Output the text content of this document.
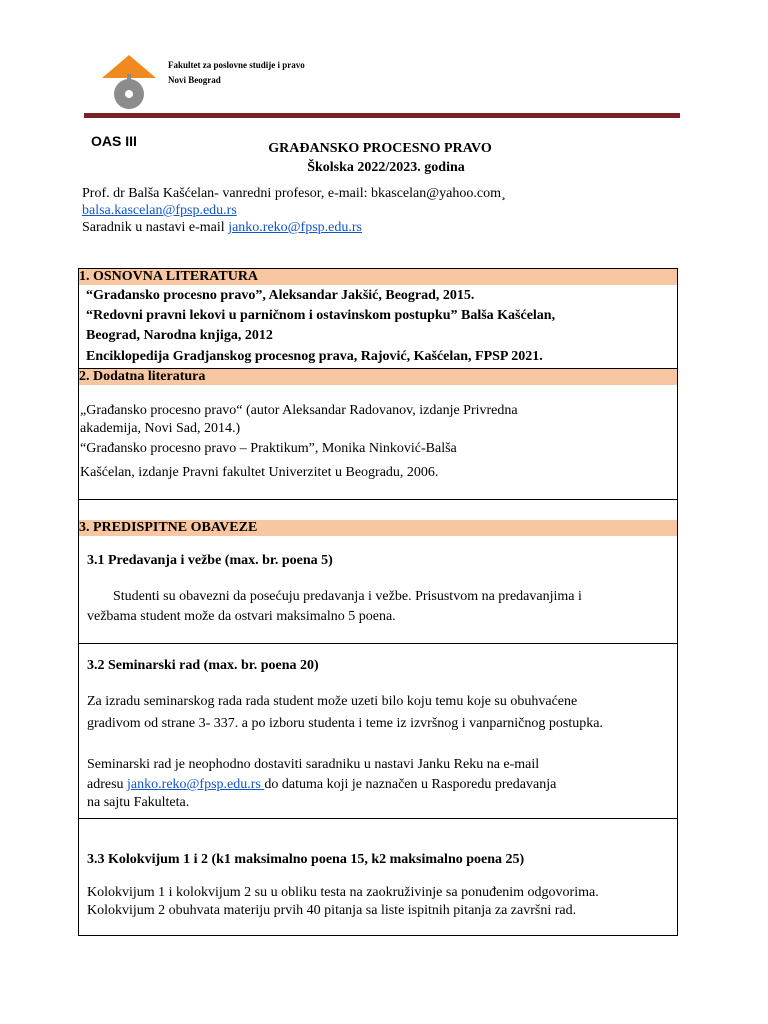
Fakultet za poslovne studije i pravo
Novi Beograd
OAS III	GRAĐANSKO PROCESNO PRAVO
Školska 2022/2023. godina
Prof. dr Balša Kašćelan- vanredni profesor, e-mail: bkascelan@yahoo.com¸
balsa.kascelan@fpsp.edu.rs
Saradnik u nastavi e-mail janko.reko@fpsp.edu.rs
1. OSNOVNA LITERATURA
“Građansko procesno pravo”, Aleksandar Jakšić, Beograd, 2015.
“Redovni pravni lekovi u parničnom i ostavinskom postupku” Balša Kašćelan,
Beograd, Narodna knjiga, 2012
Enciklopedija Gradjanskog procesnog prava, Rajović, Kašćelan, FPSP 2021.
2. Dodatna literatura
„Građansko procesno pravo“ (autor Aleksandar Radovanov, izdanje Privredna
akademija, Novi Sad, 2014.)
“Građansko procesno pravo – Praktikum”, Monika Ninković-Balša
Kašćelan, izdanje Pravni fakultet Univerzitet u Beogradu, 2006.
3. PREDISPITNE OBAVEZE
3.1 Predavanja i vežbe (max. br. poena 5)
Studenti su obavezni da posećuju predavanja i vežbe. Prisustvom na predavanjima i
vežbama student može da ostvari maksimalno 5 poena.
3.2 Seminarski rad (max. br. poena 20)
Za izradu seminarskog rada rada student može uzeti bilo koju temu koje su obuhvaćene
gradivom od strane 3- 337. a po izboru studenta i teme iz izvršnog i vanparničnog postupka.
Seminarski rad je neophodno dostaviti saradniku u nastavi Janku Reku na e-mail
adresu janko.reko@fpsp.edu.rs do datuma koji je naznačen u Rasporedu predavanja
na sajtu Fakulteta.
3.3 Kolokvijum 1 i 2 (k1 maksimalno poena 15, k2 maksimalno poena 25)
Kolokvijum 1 i kolokvijum 2 su u obliku testa na zaokruživinje sa ponuđenim odgovorima.
Kolokvijum 2 obuhvata materiju prvih 40 pitanja sa liste ispitnih pitanja za završni rad.
